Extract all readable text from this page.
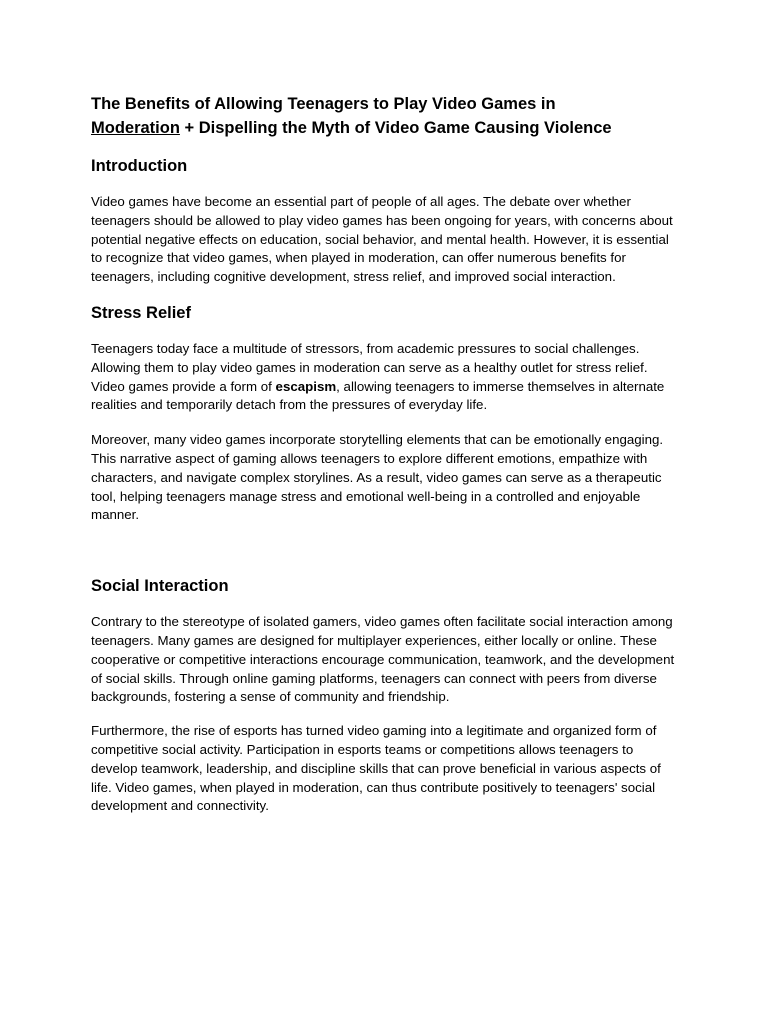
The Benefits of Allowing Teenagers to Play Video Games in
Moderation + Dispelling the Myth of Video Game Causing Violence
Introduction

Video games have become an essential part of people of all ages. The debate over whether teenagers should be allowed to play video games has been ongoing for years, with concerns about potential negative effects on education, social behavior, and mental health. However, it is essential to recognize that video games, when played in moderation, can offer numerous benefits for teenagers, including cognitive development, stress relief, and improved social interaction.

Stress Relief

Teenagers today face a multitude of stressors, from academic pressures to social challenges. Allowing them to play video games in moderation can serve as a healthy outlet for stress relief. Video games provide a form of escapism, allowing teenagers to immerse themselves in alternate realities and temporarily detach from the pressures of everyday life.

Moreover, many video games incorporate storytelling elements that can be emotionally engaging. This narrative aspect of gaming allows teenagers to explore different emotions, empathize with characters, and navigate complex storylines. As a result, video games can serve as a therapeutic tool, helping teenagers manage stress and emotional well-being in a controlled and enjoyable manner.

Social Interaction

Contrary to the stereotype of isolated gamers, video games often facilitate social interaction among teenagers. Many games are designed for multiplayer experiences, either locally or online. These cooperative or competitive interactions encourage communication, teamwork, and the development of social skills. Through online gaming platforms, teenagers can connect with peers from diverse backgrounds, fostering a sense of community and friendship.

Furthermore, the rise of esports has turned video gaming into a legitimate and organized form of competitive social activity. Participation in esports teams or competitions allows teenagers to develop teamwork, leadership, and discipline skills that can prove beneficial in various aspects of life. Video games, when played in moderation, can thus contribute positively to teenagers' social development and connectivity.
